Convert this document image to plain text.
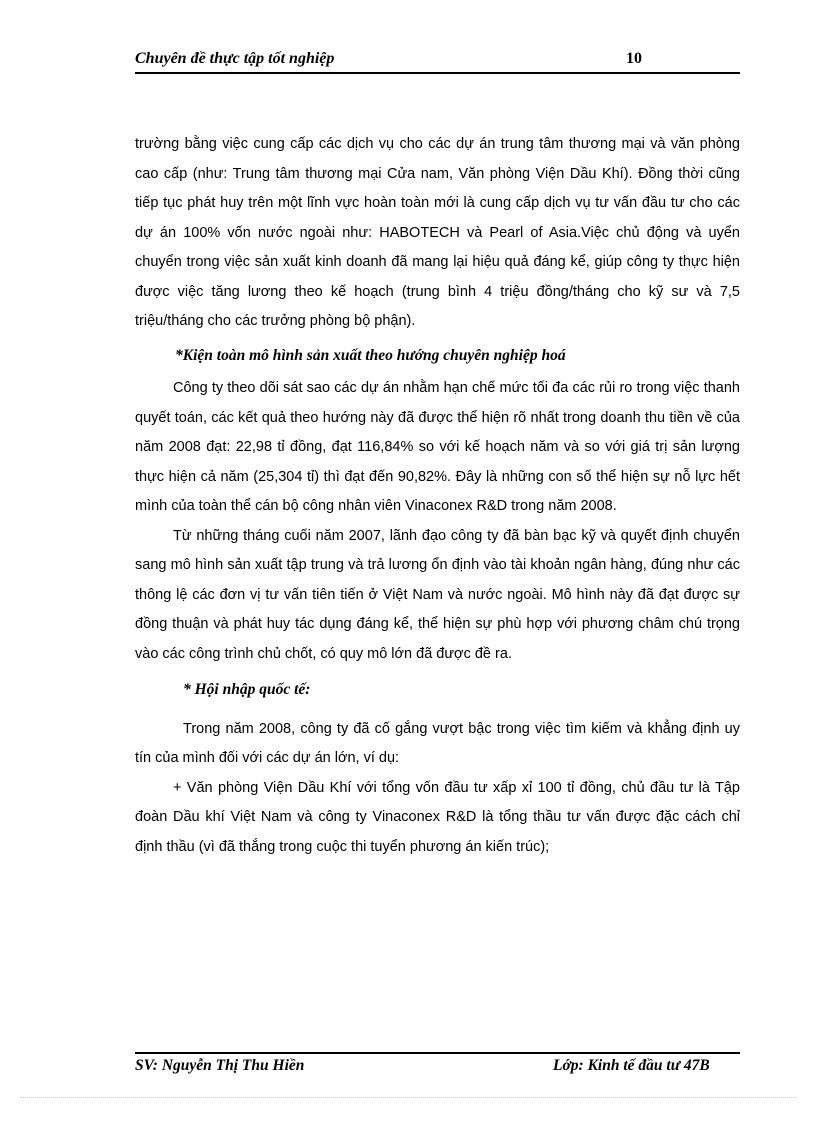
Chuyên đề thực tập tốt nghiệp	10

trường bằng việc cung cấp các dịch vụ cho các dự án trung tâm thương mại và văn phòng cao cấp (như: Trung tâm thương mại Cửa nam, Văn phòng Viện Dầu Khí). Đồng thời cũng tiếp tục phát huy trên một lĩnh vực hoàn toàn mới là cung cấp dịch vụ tư vấn đầu tư cho các dự án 100% vốn nước ngoài như: HABOTECH và Pearl of Asia.Việc chủ động và uyển chuyển trong việc sản xuất kinh doanh đã mang lại hiệu quả đáng kể, giúp công ty thực hiện được việc tăng lương theo kế hoạch (trung bình 4 triệu đồng/tháng cho kỹ sư và 7,5 triệu/tháng cho các trưởng phòng bộ phận).

*Kiện toàn mô hình sản xuất theo hướng chuyên nghiệp hoá

Công ty theo dõi sát sao các dự án nhằm hạn chế mức tối đa các rủi ro trong việc thanh quyết toán, các kết quả theo hướng này đã được thể hiện rõ nhất trong doanh thu tiền về của năm 2008 đạt: 22,98 tỉ đồng, đạt 116,84% so với kế hoạch năm và so với giá trị sản lượng thực hiện cả năm (25,304 tỉ) thì đạt đến 90,82%. Đây là những con số thể hiện sự nỗ lực hết mình của toàn thể cán bộ công nhân viên Vinaconex R&D trong năm 2008.

Từ những tháng cuối năm 2007, lãnh đạo công ty đã bàn bạc kỹ và quyết định chuyển sang mô hình sản xuất tập trung và trả lương ổn định vào tài khoản ngân hàng, đúng như các thông lệ các đơn vị tư vấn tiên tiến ở Việt Nam và nước ngoài. Mô hình này đã đạt được sự đồng thuận và phát huy tác dụng đáng kể, thể hiện sự phù hợp với phương châm chú trọng vào các công trình chủ chốt, có quy mô lớn đã được đề ra.

* Hội nhập quốc tế:

Trong năm 2008, công ty đã cố gắng vượt bậc trong việc tìm kiếm và khẳng định uy tín của mình đối với các dự án lớn, ví dụ:

+ Văn phòng Viện Dầu Khí với tổng vốn đầu tư xấp xỉ 100 tỉ đồng, chủ đầu tư là Tập đoàn Dầu khí Việt Nam và công ty Vinaconex R&D là tổng thầu tư vấn được đặc cách chỉ định thầu (vì đã thắng trong cuộc thi tuyển phương án kiến trúc);

SV: Nguyễn Thị Thu Hiền	Lớp: Kinh tế đầu tư 47B
